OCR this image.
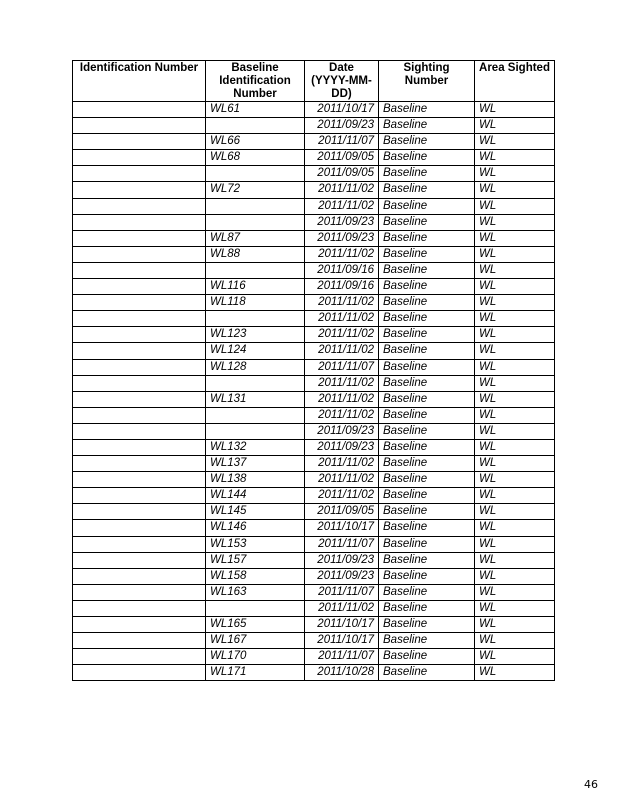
Identification Number	Baseline Identification Number	Date (YYYY-MM-DD)	Sighting Number	Area Sighted
	WL61	2011/10/17	Baseline	WL
		2011/09/23	Baseline	WL
	WL66	2011/11/07	Baseline	WL
	WL68	2011/09/05	Baseline	WL
		2011/09/05	Baseline	WL
	WL72	2011/11/02	Baseline	WL
		2011/11/02	Baseline	WL
		2011/09/23	Baseline	WL
	WL87	2011/09/23	Baseline	WL
	WL88	2011/11/02	Baseline	WL
		2011/09/16	Baseline	WL
	WL116	2011/09/16	Baseline	WL
	WL118	2011/11/02	Baseline	WL
		2011/11/02	Baseline	WL
	WL123	2011/11/02	Baseline	WL
	WL124	2011/11/02	Baseline	WL
	WL128	2011/11/07	Baseline	WL
		2011/11/02	Baseline	WL
	WL131	2011/11/02	Baseline	WL
		2011/11/02	Baseline	WL
		2011/09/23	Baseline	WL
	WL132	2011/09/23	Baseline	WL
	WL137	2011/11/02	Baseline	WL
	WL138	2011/11/02	Baseline	WL
	WL144	2011/11/02	Baseline	WL
	WL145	2011/09/05	Baseline	WL
	WL146	2011/10/17	Baseline	WL
	WL153	2011/11/07	Baseline	WL
	WL157	2011/09/23	Baseline	WL
	WL158	2011/09/23	Baseline	WL
	WL163	2011/11/07	Baseline	WL
		2011/11/02	Baseline	WL
	WL165	2011/10/17	Baseline	WL
	WL167	2011/10/17	Baseline	WL
	WL170	2011/11/07	Baseline	WL
	WL171	2011/10/28	Baseline	WL
46
